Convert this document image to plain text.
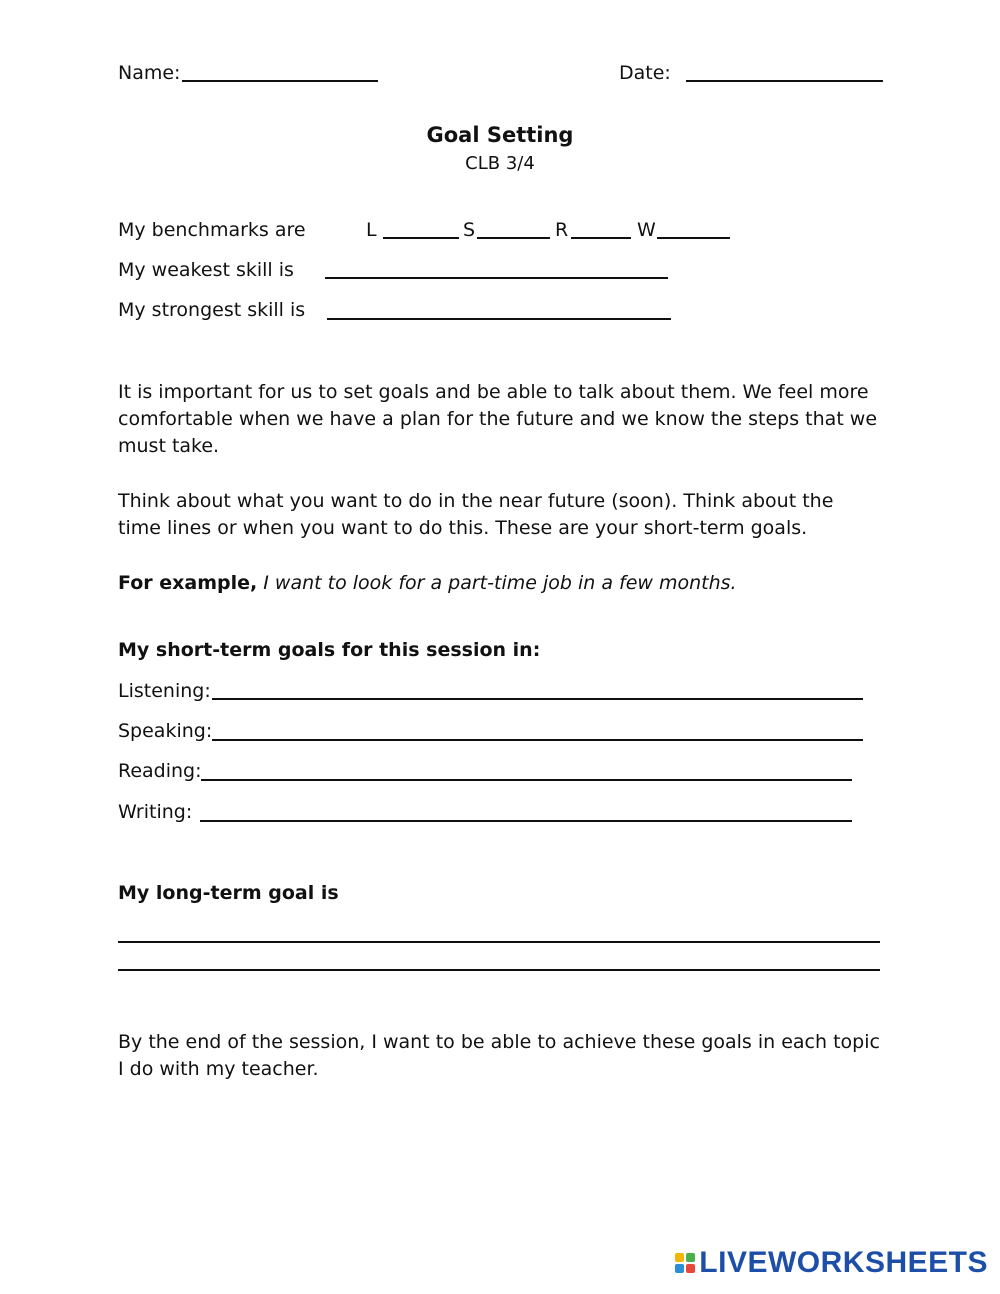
Name:	Date:
Goal Setting
CLB 3/4
My benchmarks are	L	S	R	W
My weakest skill is
My strongest skill is
It is important for us to set goals and be able to talk about them. We feel more comfortable when we have a plan for the future and we know the steps that we must take.
Think about what you want to do in the near future (soon). Think about the time lines or when you want to do this. These are your short-term goals.
For example, I want to look for a part-time job in a few months.
My short-term goals for this session in:
Listening:
Speaking:
Reading:
Writing:
My long-term goal is
By the end of the session, I want to be able to achieve these goals in each topic I do with my teacher.
LIVEWORKSHEETS
